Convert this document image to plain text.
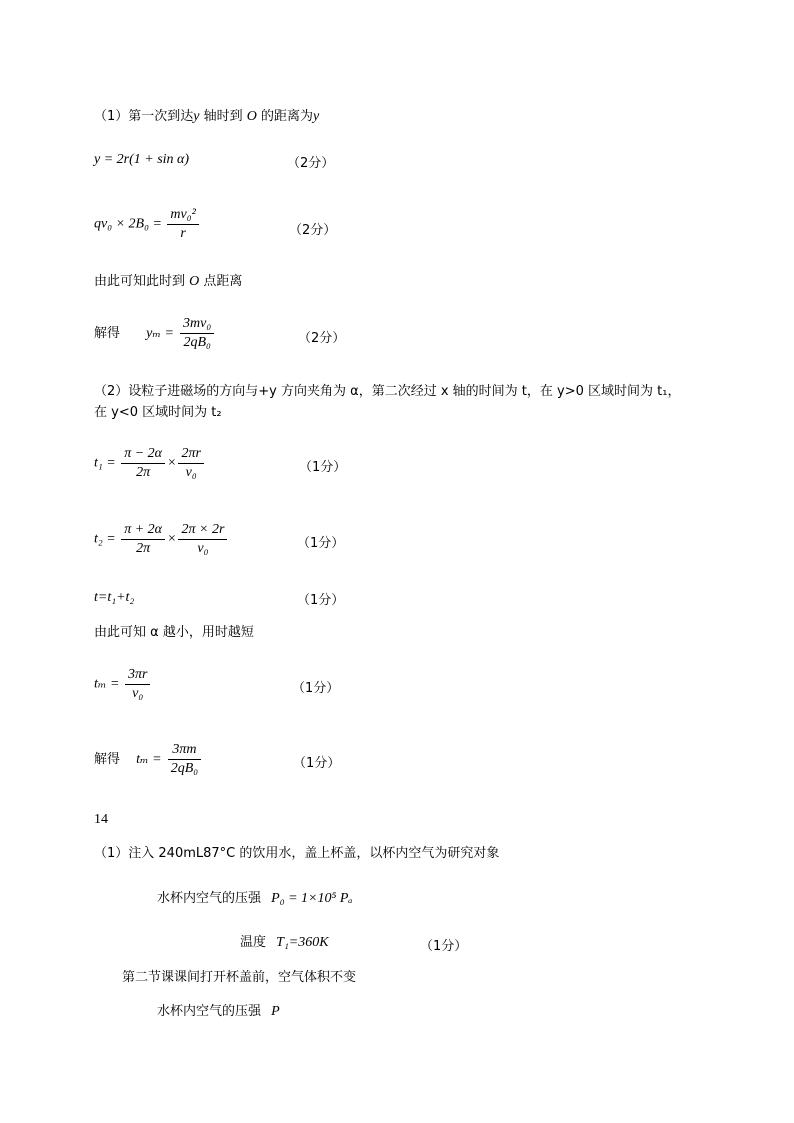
（1）第一次到达y 轴时到 O 的距离为y
y = 2r(1 + sin α)	（2分）
$qv_0 \times 2B_0 = \frac{\text{mv₀²}}{r}$	（2分）
由此可知此时到 O 点距离
解得 $y_m = \frac{\text{3mv₀}}{\text{2qB₀}}$	（2分）
（2）设粒子进磁场的方向与+y 方向夹角为 α，第二次经过 x 轴的时间为 t，在 y>0 区域时间为 t₁，
在 y<0 区域时间为 t₂
$t_1 = \frac{\pi - 2\alpha}{2\pi} \times \frac{2\pi r}{\text{v₀}}$	（1分）
$t_2 = \frac{\pi + 2\alpha}{2\pi} \times \frac{2\pi \times 2r}{\text{v₀}}$	（1分）
t=t₁+t₂	（1分）
由此可知 α 越小，用时越短
$t_m = \frac{3\pi r}{\text{v₀}}$	（1分）
解得 $t_m = \frac{3\pi m}{\text{2qB₀}}$	（1分）
14
（1）注入 240mL87°C 的饮用水，盖上杯盖，以杯内空气为研究对象
水杯内空气的压强 P₀ = 1×10⁵ Pₐ
温度 T₁=360K	（1分）
第二节课课间打开杯盖前，空气体积不变
水杯内空气的压强 P
